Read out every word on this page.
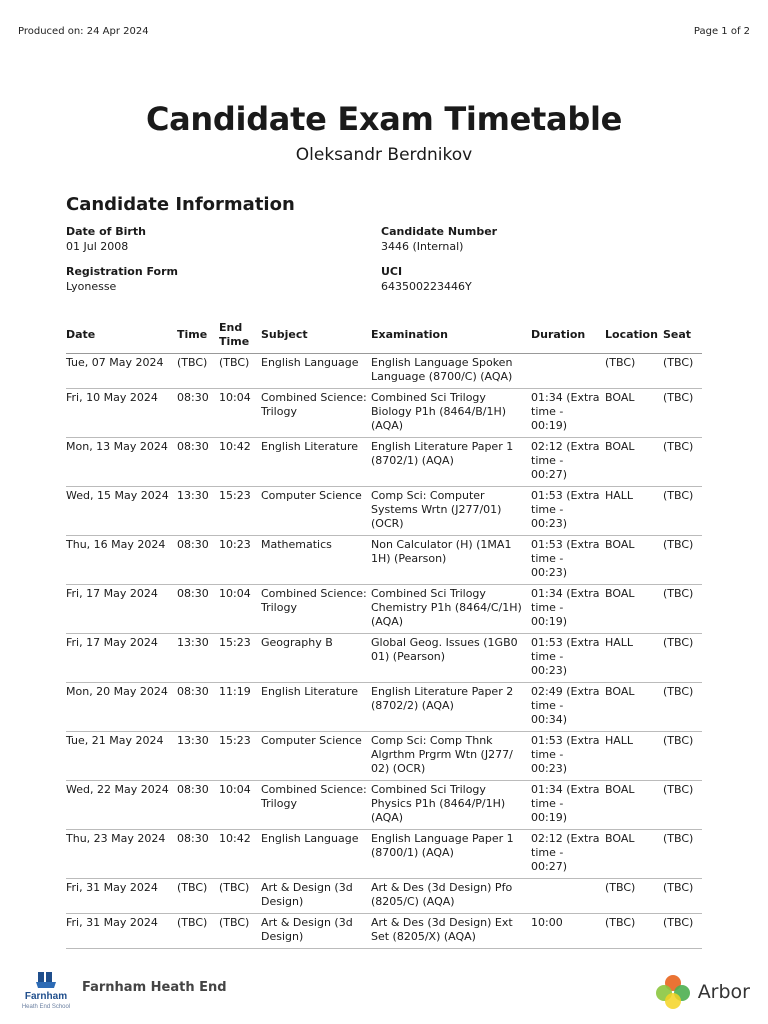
Produced on: 24 Apr 2024	Page 1 of 2
Candidate Exam Timetable
Oleksandr Berdnikov
Candidate Information
Date of Birth
01 Jul 2008
Candidate Number
3446 (Internal)
Registration Form
Lyonesse
UCI
643500223446Y
Date	Time	End Time	Subject	Examination	Duration	Location	Seat
Tue, 07 May 2024	(TBC)	(TBC)	English Language	English Language Spoken Language (8700/C) (AQA)		(TBC)	(TBC)
Fri, 10 May 2024	08:30	10:04	Combined Science: Trilogy	Combined Sci Trilogy Biology P1h (8464/B/1H) (AQA)	01:34 (Extra time - 00:19)	BOAL	(TBC)
Mon, 13 May 2024	08:30	10:42	English Literature	English Literature Paper 1 (8702/1) (AQA)	02:12 (Extra time - 00:27)	BOAL	(TBC)
Wed, 15 May 2024	13:30	15:23	Computer Science	Comp Sci: Computer Systems Wrtn (J277/01) (OCR)	01:53 (Extra time - 00:23)	HALL	(TBC)
Thu, 16 May 2024	08:30	10:23	Mathematics	Non Calculator (H) (1MA1 1H) (Pearson)	01:53 (Extra time - 00:23)	BOAL	(TBC)
Fri, 17 May 2024	08:30	10:04	Combined Science: Trilogy	Combined Sci Trilogy Chemistry P1h (8464/C/1H) (AQA)	01:34 (Extra time - 00:19)	BOAL	(TBC)
Fri, 17 May 2024	13:30	15:23	Geography B	Global Geog. Issues (1GB0 01) (Pearson)	01:53 (Extra time - 00:23)	HALL	(TBC)
Mon, 20 May 2024	08:30	11:19	English Literature	English Literature Paper 2 (8702/2) (AQA)	02:49 (Extra time - 00:34)	BOAL	(TBC)
Tue, 21 May 2024	13:30	15:23	Computer Science	Comp Sci: Comp Thnk Algrthm Prgrm Wtn (J277/ 02) (OCR)	01:53 (Extra time - 00:23)	HALL	(TBC)
Wed, 22 May 2024	08:30	10:04	Combined Science: Trilogy	Combined Sci Trilogy Physics P1h (8464/P/1H) (AQA)	01:34 (Extra time - 00:19)	BOAL	(TBC)
Thu, 23 May 2024	08:30	10:42	English Language	English Language Paper 1 (8700/1) (AQA)	02:12 (Extra time - 00:27)	BOAL	(TBC)
Fri, 31 May 2024	(TBC)	(TBC)	Art & Design (3d Design)	Art & Des (3d Design) Pfo (8205/C) (AQA)		(TBC)	(TBC)
Fri, 31 May 2024	(TBC)	(TBC)	Art & Design (3d Design)	Art & Des (3d Design) Ext Set (8205/X) (AQA)	10:00	(TBC)	(TBC)
Farnham
Heath End School
Farnham Heath End	Arbor
